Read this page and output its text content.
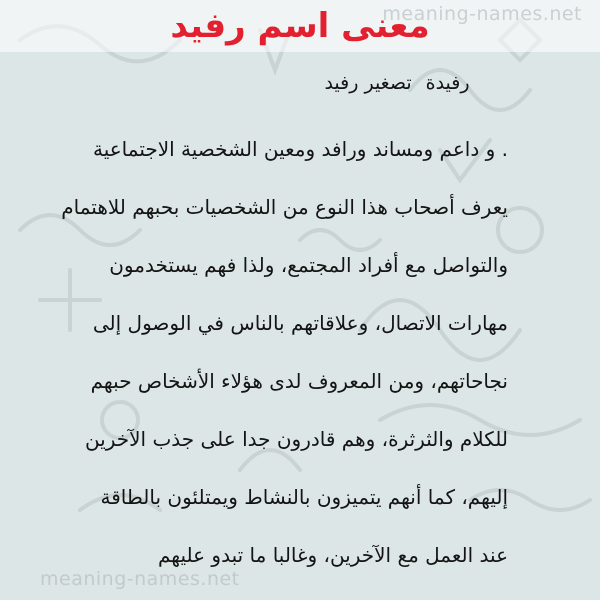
meaning-names.net
معنى اسم رفيد
رفيدةتصغير رفيد
. و داعم ومساند ورافد ومعين الشخصية الاجتماعية
يعرف أصحاب هذا النوع من الشخصيات بحبهم للاهتمام
والتواصل مع أفراد المجتمع، ولذا فهم يستخدمون
مهارات الاتصال، وعلاقاتهم بالناس في الوصول إلى
نجاحاتهم، ومن المعروف لدى هؤلاء الأشخاص حبهم
للكلام والثرثرة، وهم قادرون جدا على جذب الآخرين
إليهم، كما أنهم يتميزون بالنشاط ويمتلئون بالطاقة
عند العمل مع الآخرين، وغالبا ما تبدو عليهم
meaning-names.net
